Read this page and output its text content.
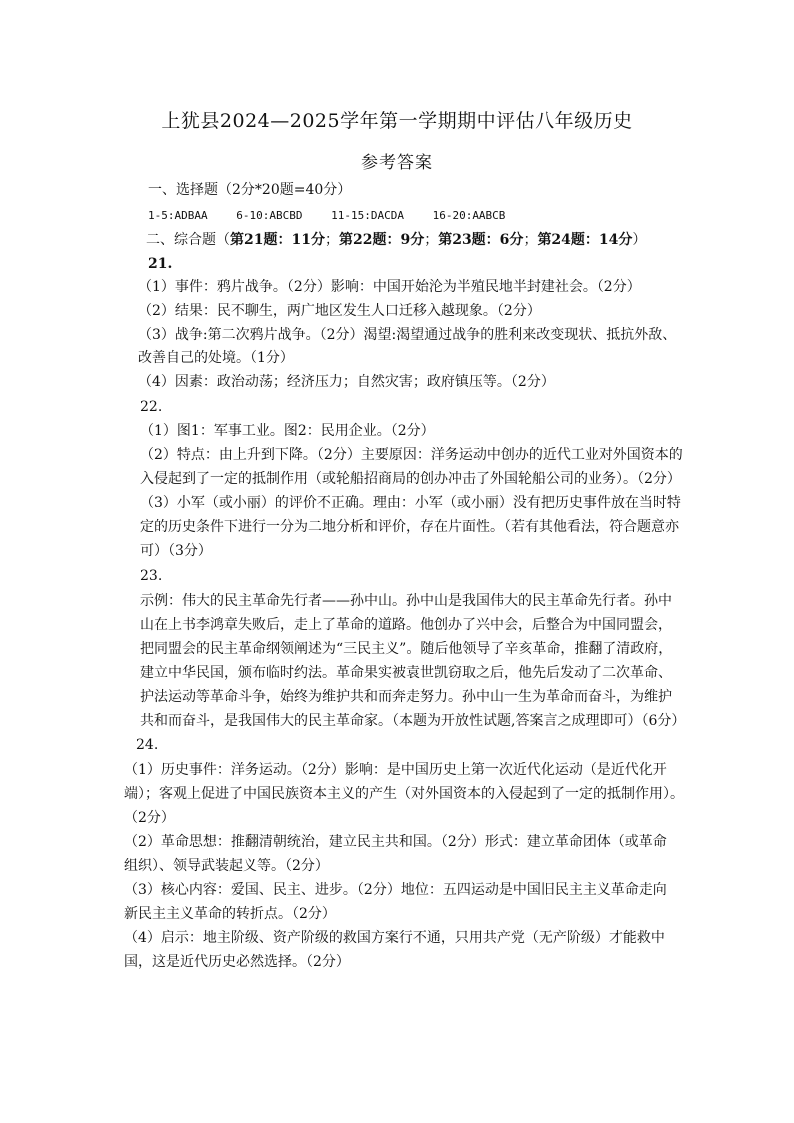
上犹县2024—2025学年第一学期期中评估八年级历史
参考答案
一、选择题（2分*20题=40分）
1-5:ADBAA	6-10:ABCBD	11-15:DACDA	16-20:AABCB
二、综合题（第21题：11分；第22题：9分；第23题：6分；第24题：14分）
21.
（1）事件：鸦片战争。（2分）影响：中国开始沦为半殖民地半封建社会。（2分）
（2）结果：民不聊生，两广地区发生人口迁移入越现象。（2分）
（3）战争:第二次鸦片战争。（2分）渴望:渴望通过战争的胜利来改变现状、抵抗外敌、
改善自己的处境。（1分）
（4）因素：政治动荡；经济压力；自然灾害；政府镇压等。（2分）
22.
（1）图1：军事工业。图2：民用企业。（2分）
（2）特点：由上升到下降。（2分）主要原因：洋务运动中创办的近代工业对外国资本的
入侵起到了一定的抵制作用（或轮船招商局的创办冲击了外国轮船公司的业务）。（2分）
（3）小军（或小丽）的评价不正确。理由：小军（或小丽）没有把历史事件放在当时特
定的历史条件下进行一分为二地分析和评价，存在片面性。（若有其他看法，符合题意亦
可）（3分）
23.
示例：伟大的民主革命先行者——孙中山。孙中山是我国伟大的民主革命先行者。孙中
山在上书李鸿章失败后，走上了革命的道路。他创办了兴中会，后整合为中国同盟会，
把同盟会的民主革命纲领阐述为“三民主义”。随后他领导了辛亥革命，推翻了清政府，
建立中华民国，颁布临时约法。革命果实被袁世凯窃取之后，他先后发动了二次革命、
护法运动等革命斗争，始终为维护共和而奔走努力。孙中山一生为革命而奋斗，为维护
共和而奋斗，是我国伟大的民主革命家。（本题为开放性试题,答案言之成理即可）（6分）
24.
（1）历史事件：洋务运动。（2分）影响：是中国历史上第一次近代化运动（是近代化开
端）；客观上促进了中国民族资本主义的产生（对外国资本的入侵起到了一定的抵制作用）。
（2分）
（2）革命思想：推翻清朝统治，建立民主共和国。（2分）形式：建立革命团体（或革命
组织）、领导武装起义等。（2分）
（3）核心内容：爱国、民主、进步。（2分）地位：五四运动是中国旧民主主义革命走向
新民主主义革命的转折点。（2分）
（4）启示：地主阶级、资产阶级的救国方案行不通，只用共产党（无产阶级）才能救中
国，这是近代历史必然选择。（2分）
